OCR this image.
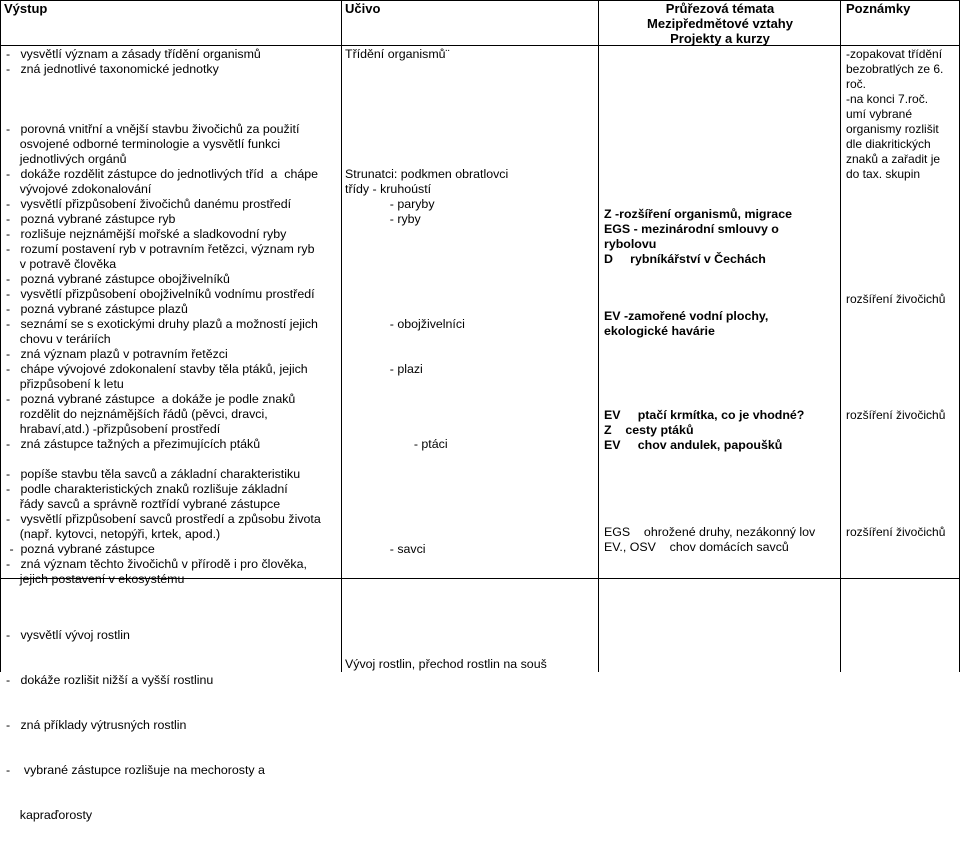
Výstup	Učivo	Průřezová témata
Mezipředmětové vztahy
Projekty a kurzy
Poznámky
-   vysvětlí význam a zásady třídění organismů
-   zná jednotlivé taxonomické jednotky
-   porovná vnitřní a vnější stavbu živočichů za použití
osvojené odborné terminologie a vysvětlí funkci
jednotlivých orgánů
-   dokáže rozdělit zástupce do jednotlivých tříd  a  chápe
vývojové zdokonalování
-   vysvětlí přizpůsobení živočichů danému prostředí
-   pozná vybrané zástupce ryb
-   rozlišuje nejznámější mořské a sladkovodní ryby
-   rozumí postavení ryb v potravním řetězci, význam ryb
v potravě člověka
-   pozná vybrané zástupce obojživelníků
-   vysvětlí přizpůsobení obojživelníků vodnímu prostředí
-   pozná vybrané zástupce plazů
-   seznámí se s exotickými druhy plazů a možností jejich
chovu v teráriích
-   zná význam plazů v potravním řetězci
-   chápe vývojové zdokonalení stavby těla ptáků, jejich
přizpůsobení k letu
-   pozná vybrané zástupce  a dokáže je podle znaků
rozdělit do nejznámějších řádů (pěvci, dravci,
hrabaví,atd.) -přizpůsobení prostředí
-   zná zástupce tažných a přezimujících ptáků
-   popíše stavbu těla savců a základní charakteristiku
-   podle charakteristických znaků rozlišuje základní
řády savců a správně roztřídí vybrané zástupce
-   vysvětlí přizpůsobení savců prostředí a způsobu života
(např. kytovci, netopýři, krtek, apod.)
-  pozná vybrané zástupce
-   zná význam těchto živočichů v přírodě i pro člověka,
jejich postavení v ekosystému
Třídění organismů¨
Strunatci: podkmen obratlovci
třídy - kruhoústí
- paryby
- ryby
- obojživelníci
- plazi
- ptáci
- savci
Z -rozšíření organismů, migrace
EGS - mezinárodní smlouvy o
rybolovu
D     rybníkářství v Čechách
EV -zamořené vodní plochy,
ekologické havárie
EV     ptačí krmítka, co je vhodné?
Z    cesty ptáků
EV     chov andulek, papoušků
EGS    ohrožené druhy, nezákonný lov
EV., OSV    chov domácích savců
-zopakovat třídění
bezobratlých ze 6.
roč.
-na konci 7.roč.
umí vybrané
organismy rozlišit
dle diakritických
znaků a zařadit je
do tax. skupin
rozšíření živočichů
rozšíření živočichů
rozšíření živočichů

-   vysvětlí vývoj rostlin

-   dokáže rozlišit nižší a vyšší rostlinu

-   zná příklady výtrusných rostlin

-    vybrané zástupce rozlišuje na mechorosty a

kapraďorosty

Vývoj rostlin, přechod rostlin na souš
